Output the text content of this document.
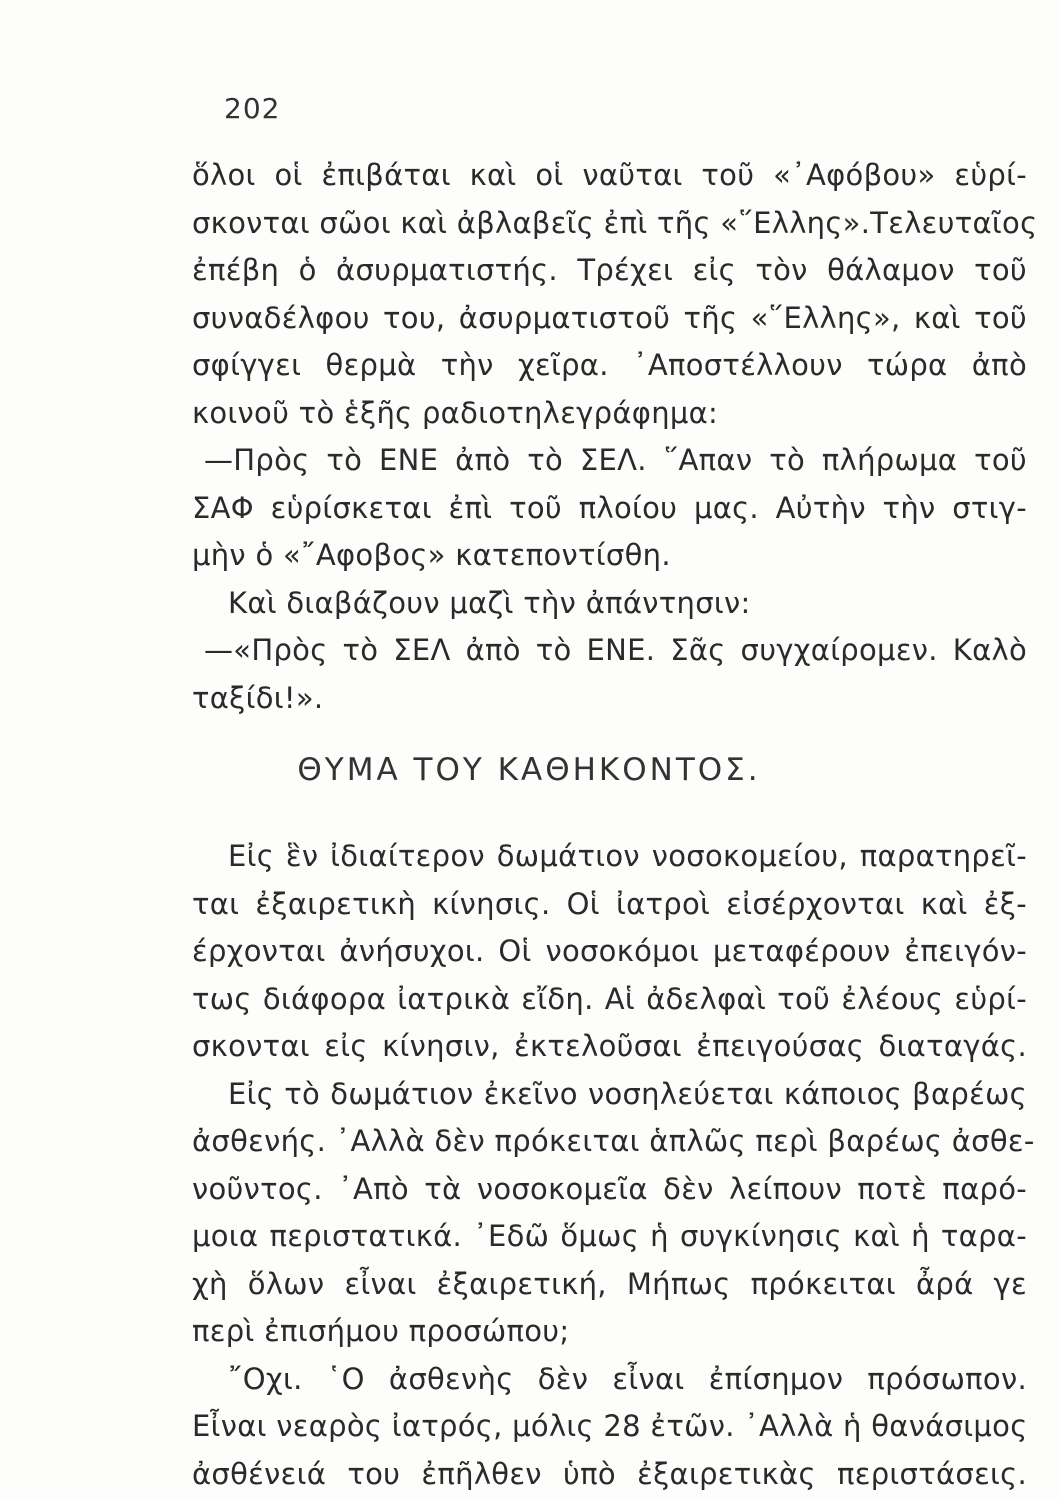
202
ὅλοι οἱ ἐπιβάται καὶ οἱ ναῦται τοῦ «᾿Αφόβου» εὑρί-
σκονται σῶοι καὶ ἀβλαβεῖς ἐπὶ τῆς «῞Ελλης».Τελευταῖος
ἐπέβη ὁ ἀσυρματιστής. Τρέχει εἰς τὸν θάλαμον τοῦ
συναδέλφου του, ἀσυρματιστοῦ τῆς «῞Ελλης», καὶ τοῦ
σφίγγει θερμὰ τὴν χεῖρα. ᾿Αποστέλλουν τώρα ἀπὸ
κοινοῦ τὸ ἑξῆς ραδιοτηλεγράφημα:
—Πρὸς τὸ ΕΝΕ ἀπὸ τὸ ΣΕΛ. ῞Απαν τὸ πλήρωμα τοῦ
ΣΑΦ εὑρίσκεται ἐπὶ τοῦ πλοίου μας. Αὐτὴν τὴν στιγ-
μὴν ὁ «῎Αφοβος» κατεποντίσθη.
Καὶ διαβάζουν μαζὶ τὴν ἀπάντησιν:
—«Πρὸς τὸ ΣΕΛ ἀπὸ τὸ ΕΝΕ. Σᾶς συγχαίρομεν. Καλὸ
ταξίδι!».
ΘΥΜΑ ΤΟΥ ΚΑΘΗΚΟΝΤΟΣ.
Εἰς ἓν ἰδιαίτερον δωμάτιον νοσοκομείου, παρατηρεῖ-
ται ἐξαιρετικὴ κίνησις. Οἱ ἰατροὶ εἰσέρχονται καὶ ἐξ-
έρχονται ἀνήσυχοι. Οἱ νοσοκόμοι μεταφέρουν ἐπειγόν-
τως διάφορα ἰατρικὰ εἴδη. Αἱ ἀδελφαὶ τοῦ ἐλέους εὑρί-
σκονται εἰς κίνησιν, ἐκτελοῦσαι ἐπειγούσας διαταγάς.
Εἰς τὸ δωμάτιον ἐκεῖνο νοσηλεύεται κάποιος βαρέως
ἀσθενής. ᾿Αλλὰ δὲν πρόκειται ἁπλῶς περὶ βαρέως ἀσθε-
νοῦντος. ᾿Απὸ τὰ νοσοκομεῖα δὲν λείπουν ποτὲ παρό-
μοια περιστατικά. ᾿Εδῶ ὅμως ἡ συγκίνησις καὶ ἡ ταρα-
χὴ ὅλων εἶναι ἐξαιρετική, Μήπως πρόκειται ἆρά γε
περὶ ἐπισήμου προσώπου;
῎Οχι. ῾Ο ἀσθενὴς δὲν εἶναι ἐπίσημον πρόσωπον.
Εἶναι νεαρὸς ἰατρός, μόλις 28 ἐτῶν. ᾿Αλλὰ ἡ θανάσιμος
ἀσθένειά του ἐπῆλθεν ὑπὸ ἐξαιρετικὰς περιστάσεις.
